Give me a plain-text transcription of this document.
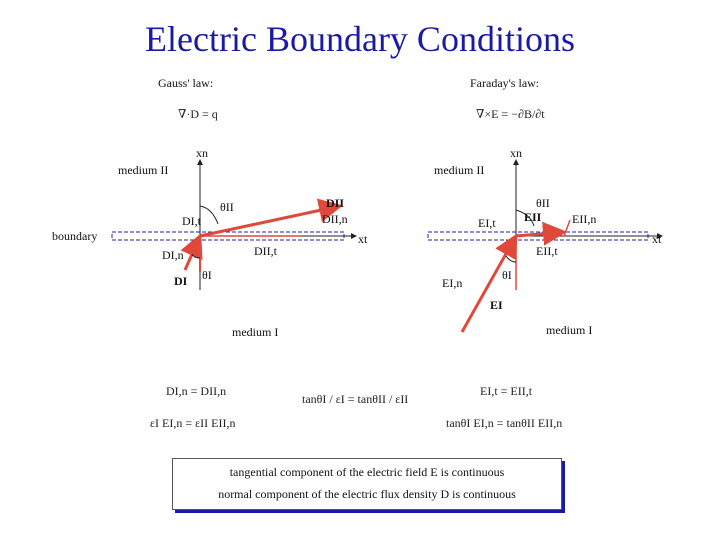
Electric Boundary Conditions
Gauss' law:	Faraday's law:
∇·D = q	∇×E = −∂B/∂t
medium II
medium I
boundary
xn
xt
DII
DII,n
DII,t
DI
DI,n
DI,t
θII
θI
medium II
medium I
xn
xt
EII	EII,n
EII,t
EI
EI,n
EI,t
θII
θI
DI,n = DII,n
εI EI,n = εII EII,n
tanθI / εI = tanθII / εII
EI,t = EII,t
tanθI EI,n = tanθII EII,n
tangential component of the electric field E is continuous
normal component of the electric flux density D is continuous
